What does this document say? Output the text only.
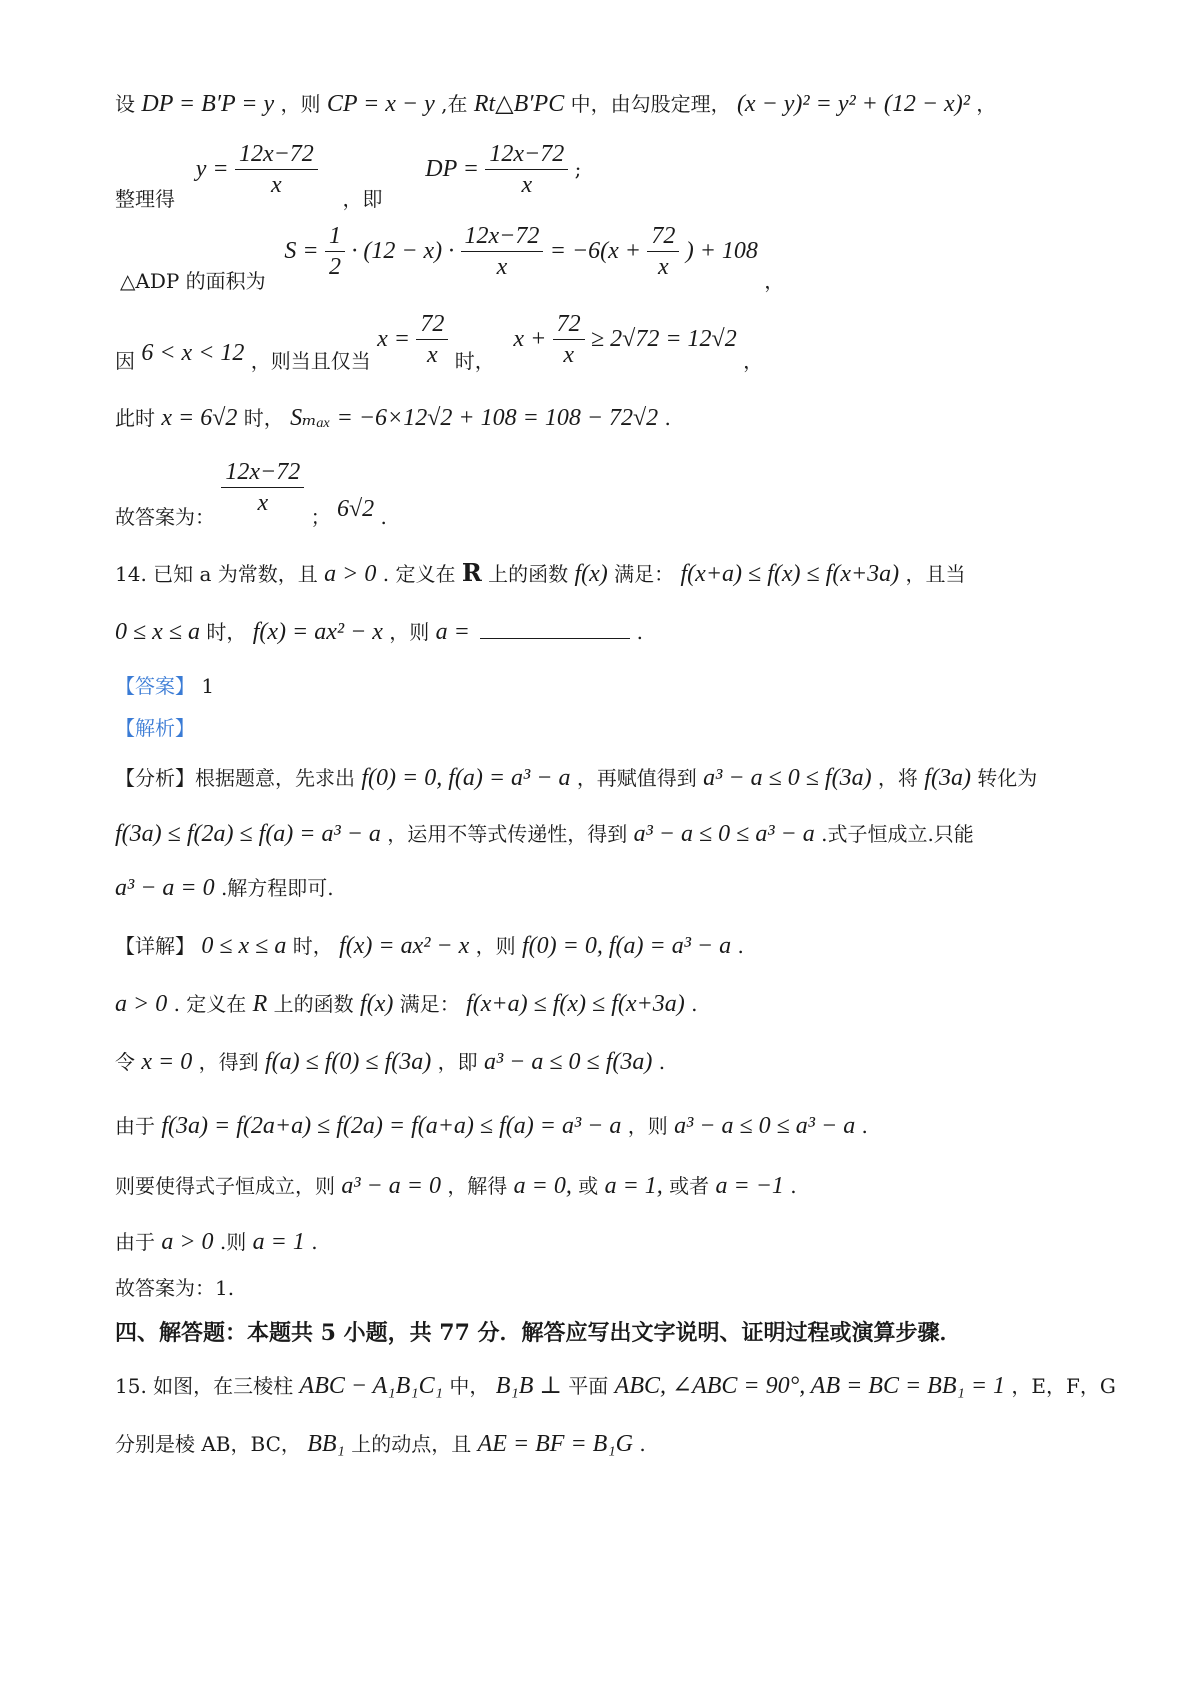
设 DP = B′P = y ，则 CP = x − y ,在 Rt△B′PC 中，由勾股定理， (x − y)² = y² + (12 − x)² ，
整理得  $y = \frac{12x-72}{x}$ ，即  DP = $\frac{12x-72}{x}$ ;
△ADP 的面积为  $S = \frac{1}{2} \cdot (12 - x) \cdot \frac{12x-72}{x} = -6(x + \frac{72}{x}$ ) + 108 ，
因 6 < x < 12 ，则当且仅当 $x = \frac{72}{x}$ 时，  $x + \frac{72}{x} \ge 2√72 = 12√2$ ，
此时 x = 6√2 时， Sₘₐₓ = −6×12√2 + 108 = 108 − 72√2 .
故答案为： $\frac{12x-72}{x}$ ； 6√2 .
14. 已知 a 为常数，且 a > 0 . 定义在 R 上的函数 f(x) 满足： f(x+a) ≤ f(x) ≤ f(x+3a) ，且当
0 ≤ x ≤ a 时， f(x) = ax² − x ，则 a =	.
【答案】 1
【解析】
【分析】根据题意，先求出 f(0) = 0, f(a) = a³ − a ，再赋值得到 a³ − a ≤ 0 ≤ f(3a) ，将 f(3a) 转化为
f(3a) ≤ f(2a) ≤ f(a) = a³ − a ，运用不等式传递性，得到 a³ − a ≤ 0 ≤ a³ − a .式子恒成立.只能
a³ − a = 0 .解方程即可.
【详解】 0 ≤ x ≤ a 时， f(x) = ax² − x ，则 f(0) = 0, f(a) = a³ − a .
a > 0 . 定义在 R 上的函数 f(x) 满足： f(x+a) ≤ f(x) ≤ f(x+3a) .
令 x = 0 ，得到 f(a) ≤ f(0) ≤ f(3a) ，即 a³ − a ≤ 0 ≤ f(3a) .
由于 f(3a) = f(2a+a) ≤ f(2a) = f(a+a) ≤ f(a) = a³ − a ，则 a³ − a ≤ 0 ≤ a³ − a .
则要使得式子恒成立，则 a³ − a = 0 ，解得 a = 0, 或 a = 1, 或者 a = −1 .
由于 a > 0 .则 a = 1 .
故答案为：1.
四、解答题：本题共 5 小题，共 77 分．解答应写出文字说明、证明过程或演算步骤．
15. 如图，在三棱柱 ABC − A₁B₁C₁ 中， B₁B ⊥ 平面 ABC, ∠ABC = 90°, AB = BC = BB₁ = 1 ，E，F，G
分别是棱 AB，BC， BB₁ 上的动点，且 AE = BF = B₁G .
